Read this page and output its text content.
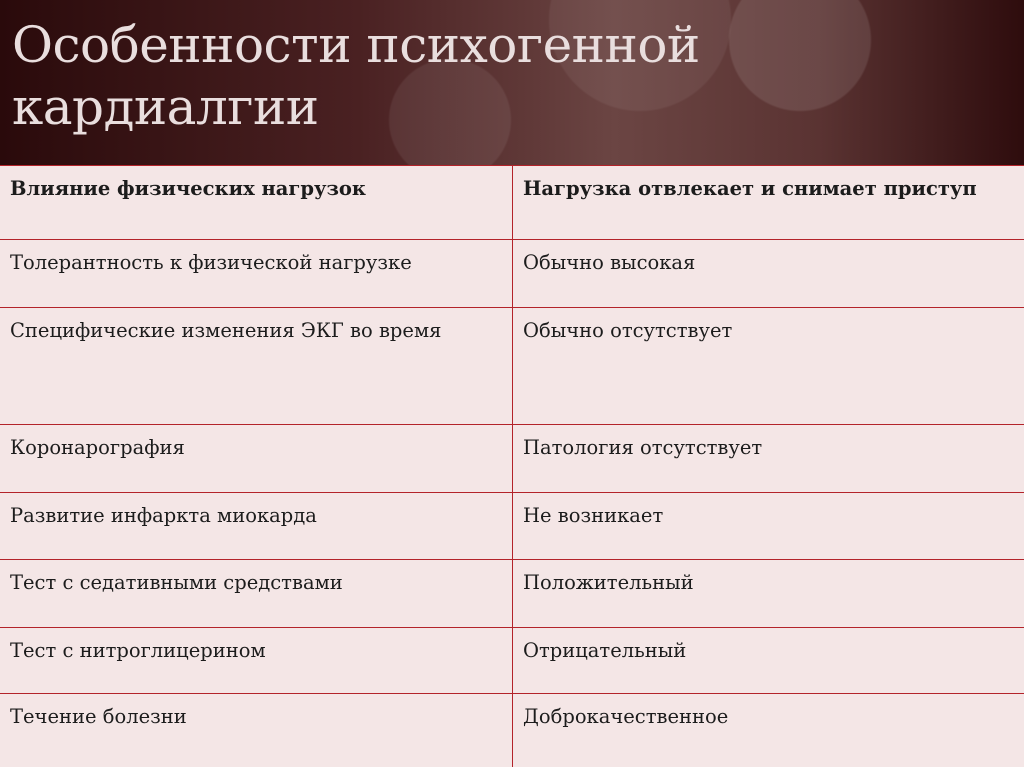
Особенности психогенной
кардиалгии
Влияние физических нагрузок	Нагрузка отвлекает и снимает приступ
Толерантность к физической нагрузке	Обычно высокая
Специфические изменения ЭКГ во время	Обычно отсутствует
Коронарография	Патология отсутствует
Развитие инфаркта миокарда	Не возникает
Тест с седативными средствами	Положительный
Тест с нитроглицерином	Отрицательный
Течение болезни	Доброкачественное
